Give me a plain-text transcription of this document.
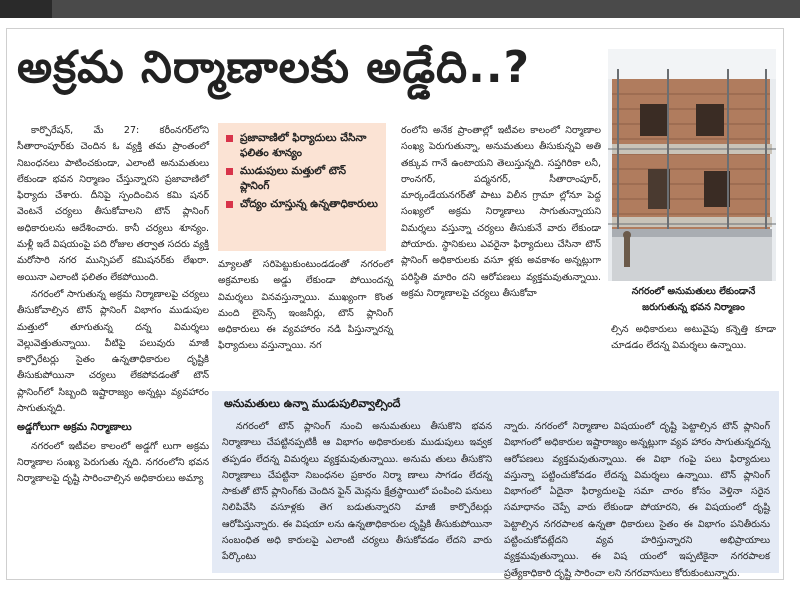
అక్రమ నిర్మాణాలకు అడ్డేది..?
నగరంలో అనుమతులు లేకుండానే జరుగుతున్న భవన నిర్మాణం

కార్పొరేషన్, మే 27: కరీంనగర్‌లోని సీతారాంపూర్‌కు చెందిన ఓ వ్యక్తి తమ ప్రాంతంలో నిబంధనలు పాటించకుండా, ఎలాంటి అనుమతులు లేకుండా భవన నిర్మాణం చేస్తున్నారని ప్రజావాణిలో ఫిర్యాదు చేశారు. దీనిపై స్పందించిన కమి షనర్ వెంటనే చర్యలు తీసుకోవాలని టౌన్ ప్లానింగ్ అధికారులను ఆదేశించారు. కానీ చర్యలు శూన్యం. మళ్లీ ఇదే విషయంపై పది రోజుల తర్వాత సదరు వ్యక్తి మరోసారి నగర మున్సిపల్ కమిషనర్‌కు లేఖరా. అయినా ఎలాంటి ఫలితం లేకపోయింది.

నగరంలో సాగుతున్న అక్రమ నిర్మాణాలపై చర్యలు తీసుకోవాల్సిన టౌన్ ప్లానింగ్ విభాగం ముడుపుల మత్తులో తూగుతున్న దన్న విమర్శలు వెల్లువెత్తుతున్నాయి. వీటిపై పలువురు మాజీ కార్పొరేటర్లు సైతం ఉన్నతాధికారుల దృష్టికి తీసుకుపోయినా చర్యలు లేకపోవడంతో టౌన్ ప్లానింగ్‌లో సిబ్బంది ఇష్టారాజ్యం అన్నట్లు వ్యవహారం సాగుతున్నది.

అడ్డగోలుగా అక్రమ నిర్మాణాలు

నగరంలో ఇటీవల కాలంలో అడ్డగో లుగా అక్రమ నిర్మాణాల సంఖ్య పెరుగుతు న్నది. నగరంలోని భవన నిర్మాణాలపై దృష్టి సారించాల్సిన అధికారులు అమ్యా

ప్రజావాణిలో ఫిర్యాదులు చేసినా ఫలితం శూన్యం
ముడుపులు మత్తులో టౌన్ ప్లానింగ్
చోద్యం చూస్తున్న ఉన్నతాధికారులు

మ్యాలతో సరిపెట్టుకుంటుండడంతో నగరంలో అక్రమాలకు అడ్డు లేకుండా పోయిందన్న విమర్శలు వినవస్తున్నాయి. ముఖ్యంగా కొంత మంది లైసెన్స్ ఇంజనీర్లు, టౌన్ ప్లానింగ్ అధికారులు ఈ వ్యవహారం నడి పిస్తున్నారన్న ఫిర్యాదులు వస్తున్నాయి. నగ

రంలోని అనేక ప్రాంతాల్లో ఇటీవల కాలంలో నిర్మాణాల సంఖ్య పెరుగుతున్నా, అనుమతులు తీసుకున్నవి అతి తక్కువ గానే ఉంటాయని తెలుస్తున్నది. సప్తగిరికా లనీ, రాంనగర్, పద్మనగర్, సీతారాంపూర్, మార్కండేయనగర్‌తో పాటు విలీన గ్రామా ల్లోనూ పెద్ద సంఖ్యలో అక్రమ నిర్మాణాలు సాగుతున్నాయని విమర్శలు వస్తున్నా చర్యలు తీసుకునే వారు లేకుండా పోయారు. స్థానికులు ఎవరైనా ఫిర్యాదులు చేసినా టౌన్ ప్లానింగ్ అధికారులకు వసూ ళ్లకు అవకాశం అన్నట్లుగా పరిస్థితి మారిం దని ఆరోపణలు వ్యక్తమవుతున్నాయి. అక్రమ నిర్మాణాలపై చర్యలు తీసుకోవా

ల్సిన అధికారులు అటువైపు కన్నెత్తి కూడా చూడడం లేదన్న విమర్శలు ఉన్నాయి.

అనుమతులు ఉన్నా ముడుపులివ్వాల్సిందే

నగరంలో టౌన్ ప్లానింగ్ నుంచి అనుమతులు తీసుకొని భవన నిర్మాణాలు చేపట్టినప్పటికీ ఆ విభాగం అధికారులకు ముడుపులు ఇవ్వక తప్పడం లేదన్న విమర్శలు వ్యక్తమవుతున్నాయి. అనుమ తులు తీసుకొని నిర్మాణాలు చేపట్టినా నిబంధనల ప్రకారం నిర్మా ణాలు సాగడం లేదన్న సాకుతో టౌన్ ప్లానింగ్‌కు చెందిన ఫైన్ మెన్లను క్షేత్రస్థాయిలో పంపించి పనులు నిలిపివేసి వసూళ్లకు తెగ బడుతున్నారని మాజీ కార్పొరేటర్లు ఆరోపిస్తున్నారు. ఈ విషయా లను ఉన్నతాధికారుల దృష్టికి తీసుకుపోయినా సంబంధిత అధి కారులపై ఎలాంటి చర్యలు తీసుకోవడం లేదని వారు పేర్కొంటు

న్నారు. నగరంలో నిర్మాణాల విషయంలో దృష్టి పెట్టాల్సిన టౌన్ ప్లానింగ్ విభాగంలో అధికారుల ఇష్టారాజ్యం అన్నట్లుగా వ్యవ హారం సాగుతున్నదన్న ఆరోపణలు వ్యక్తమవుతున్నాయి. ఈ విభా గంపై పలు ఫిర్యాదులు వస్తున్నా పట్టించుకోవడం లేదన్న విమర్శలు ఉన్నాయి. టౌన్ ప్లానింగ్ విభాగంలో ఏదైనా ఫిర్యాదులపై సమా చారం కోసం వెళ్తినా సరైన సమాధానం చెప్పే వారు లేకుండా పోయారని, ఈ విషయంలో దృష్టి పెట్టాల్సిన నగరపాలక ఉన్నతా ధికారులు సైతం ఈ విభాగం పనితీరును పట్టించుకోవట్లేదని వ్యవ హరిస్తున్నారని అభిప్రాయాలు వ్యక్తమవుతున్నాయి. ఈ విష యంలో ఇప్పటికైనా నగరపాలక ప్రత్యేకాధికారి దృష్టి సారించా లని నగరవాసులు కోరుకుంటున్నారు.
